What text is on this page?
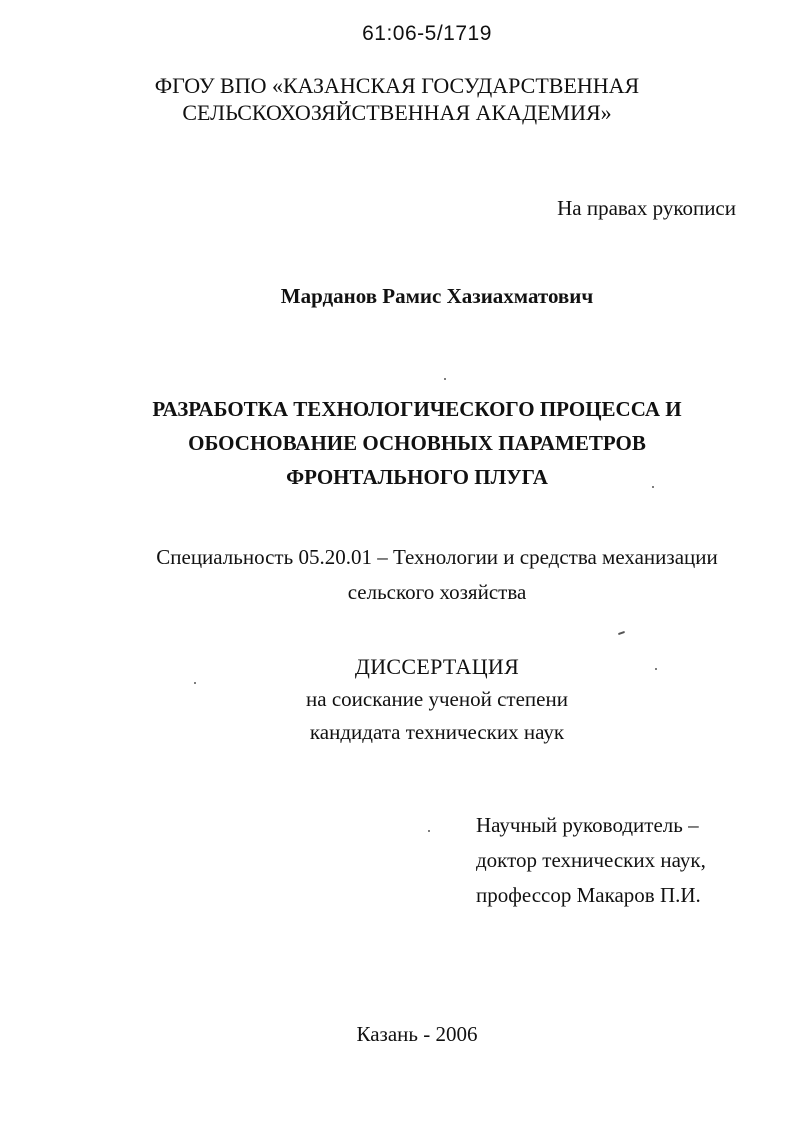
61:06-5/1719
ФГОУ ВПО «КАЗАНСКАЯ ГОСУДАРСТВЕННАЯ
СЕЛЬСКОХОЗЯЙСТВЕННАЯ АКАДЕМИЯ»
На правах рукописи
Марданов Рамис Хазиахматович
РАЗРАБОТКА ТЕХНОЛОГИЧЕСКОГО ПРОЦЕССА И
ОБОСНОВАНИЕ ОСНОВНЫХ ПАРАМЕТРОВ
ФРОНТАЛЬНОГО ПЛУГА
Специальность 05.20.01 – Технологии и средства механизации
сельского хозяйства
ДИССЕРТАЦИЯ
на соискание ученой степени
кандидата технических наук
Научный руководитель –
доктор технических наук,
профессор Макаров П.И.
Казань - 2006
